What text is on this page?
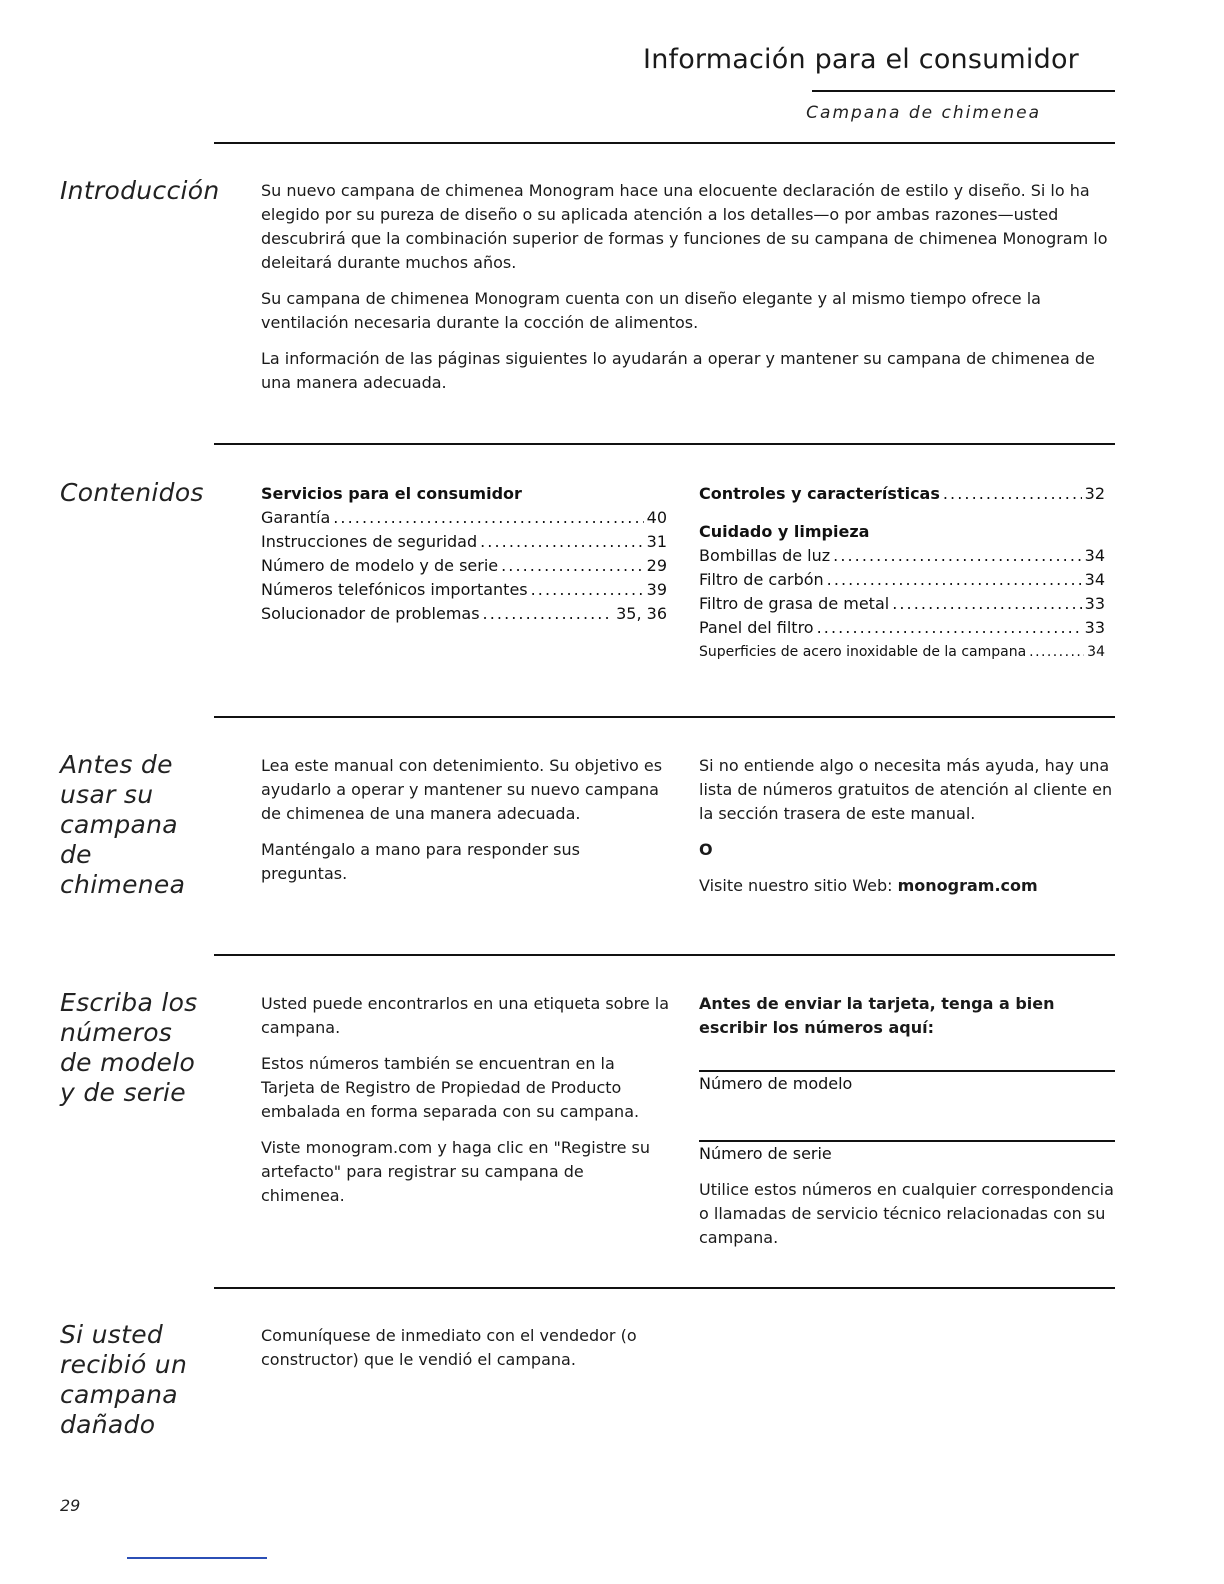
Información para el consumidor
Campana de chimenea
Introducción	Su nuevo campana de chimenea Monogram hace una elocuente declaración de estilo y diseño. Si lo ha elegido por su pureza de diseño o su aplicada atención a los detalles—o por ambas razones—usted descubrirá que la combinación superior de formas y funciones de su campana de chimenea Monogram lo deleitará durante muchos años.

Su campana de chimenea Monogram cuenta con un diseño elegante y al mismo tiempo ofrece la ventilación necesaria durante la cocción de alimentos.

La información de las páginas siguientes lo ayudarán a operar y mantener su campana de chimenea de una manera adecuada.

Contenidos	Servicios para el consumidor

Garantía . . .	40
Instrucciones de seguridad . . .	31
Número de modelo y de serie . . .	29
Números telefónicos importantes . . .	39
Solucionador de problemas . . .	35, 36
Controles y características . . .	32

Cuidado y limpieza

Bombillas de luz . . .	34
Filtro de carbón . . .	34
Filtro de grasa de metal . . .	33
Panel del filtro . . .	33
Superficies de acero inoxidable de la campana . . .	34
Antes de
usar su
campana
de
chimenea

Lea este manual con detenimiento. Su objetivo es ayudarlo a operar y mantener su nuevo campana de chimenea de una manera adecuada.

Manténgalo a mano para responder sus preguntas.

Si no entiende algo o necesita más ayuda, hay una lista de números gratuitos de atención al cliente en la sección trasera de este manual.

O

Visite nuestro sitio Web: monogram.com

Escriba los
números
de modelo
y de serie

Usted puede encontrarlos en una etiqueta sobre la campana.

Estos números también se encuentran en la Tarjeta de Registro de Propiedad de Producto embalada en forma separada con su campana.

Viste monogram.com y haga clic en "Registre su artefacto" para registrar su campana de chimenea.

Antes de enviar la tarjeta, tenga a bien escribir los números aquí:

Número de modelo

Número de serie

Utilice estos números en cualquier correspondencia o llamadas de servicio técnico relacionadas con su campana.

Si usted
recibió un
campana
dañado

Comuníquese de inmediato con el vendedor (o constructor) que le vendió el campana.

29
